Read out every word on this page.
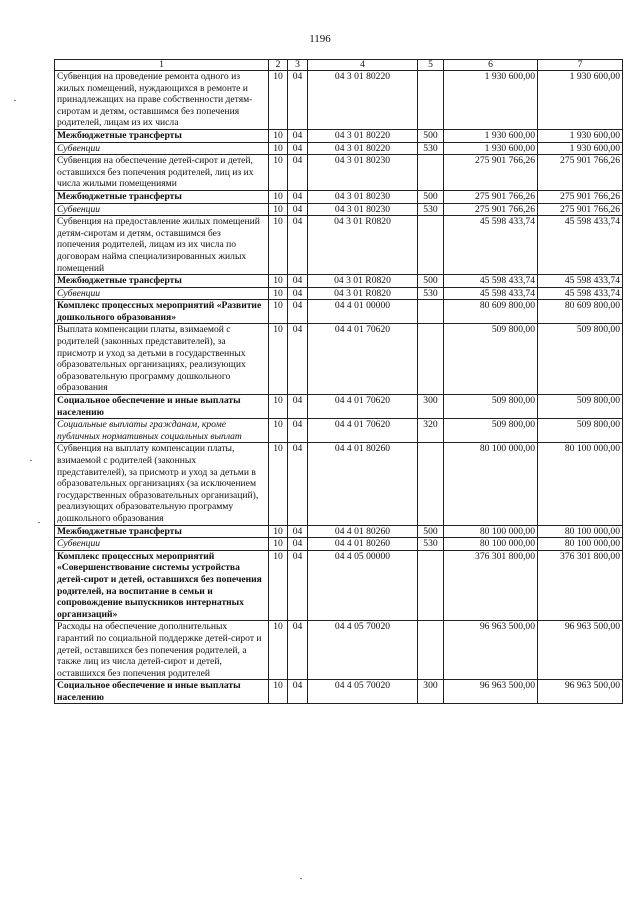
1196
1	2	3	4	5	6	7
Субвенция на проведение ремонта одного из жилых помещений, нуждающихся в ремонте и принадлежащих на праве собственности детям-сиротам и детям, оставшимся без попечения родителей, лицам из их числа	10	04	04 3 01 80220		1 930 600,00	1 930 600,00
Межбюджетные трансферты	10	04	04 3 01 80220	500	1 930 600,00	1 930 600,00
Субвенции	10	04	04 3 01 80220	530	1 930 600,00	1 930 600,00
Субвенция на обеспечение детей-сирот и детей, оставшихся без попечения родителей, лиц из их числа жилыми помещениями	10	04	04 3 01 80230		275 901 766,26	275 901 766,26
Межбюджетные трансферты	10	04	04 3 01 80230	500	275 901 766,26	275 901 766,26
Субвенции	10	04	04 3 01 80230	530	275 901 766,26	275 901 766,26
Субвенция на предоставление жилых помещений детям-сиротам и детям, оставшимся без попечения родителей, лицам из их числа по договорам найма специализированных жилых помещений	10	04	04 3 01 R0820		45 598 433,74	45 598 433,74
Межбюджетные трансферты	10	04	04 3 01 R0820	500	45 598 433,74	45 598 433,74
Субвенции	10	04	04 3 01 R0820	530	45 598 433,74	45 598 433,74
Комплекс процессных мероприятий «Развитие дошкольного образования»	10	04	04 4 01 00000		80 609 800,00	80 609 800,00
Выплата компенсации платы, взимаемой с родителей (законных представителей), за присмотр и уход за детьми в государственных образовательных организациях, реализующих образовательную программу дошкольного образования	10	04	04 4 01 70620		509 800,00	509 800,00
Социальное обеспечение и иные выплаты населению	10	04	04 4 01 70620	300	509 800,00	509 800,00
Социальные выплаты гражданам, кроме публичных нормативных социальных выплат	10	04	04 4 01 70620	320	509 800,00	509 800,00
Субвенция на выплату компенсации платы, взимаемой с родителей (законных представителей), за присмотр и уход за детьми в образовательных организациях (за исключением государственных образовательных организаций), реализующих образовательную программу дошкольного образования	10	04	04 4 01 80260		80 100 000,00	80 100 000,00
Межбюджетные трансферты	10	04	04 4 01 80260	500	80 100 000,00	80 100 000,00
Субвенции	10	04	04 4 01 80260	530	80 100 000,00	80 100 000,00
Комплекс процессных мероприятий «Совершенствование системы устройства детей-сирот и детей, оставшихся без попечения родителей, на воспитание в семьи и сопровождение выпускников интернатных организаций»	10	04	04 4 05 00000		376 301 800,00	376 301 800,00
Расходы на обеспечение дополнительных гарантий по социальной поддержке детей-сирот и детей, оставшихся без попечения родителей, а также лиц из числа детей-сирот и детей, оставшихся без попечения родителей	10	04	04 4 05 70020		96 963 500,00	96 963 500,00
Социальное обеспечение и иные выплаты населению	10	04	04 4 05 70020	300	96 963 500,00	96 963 500,00
